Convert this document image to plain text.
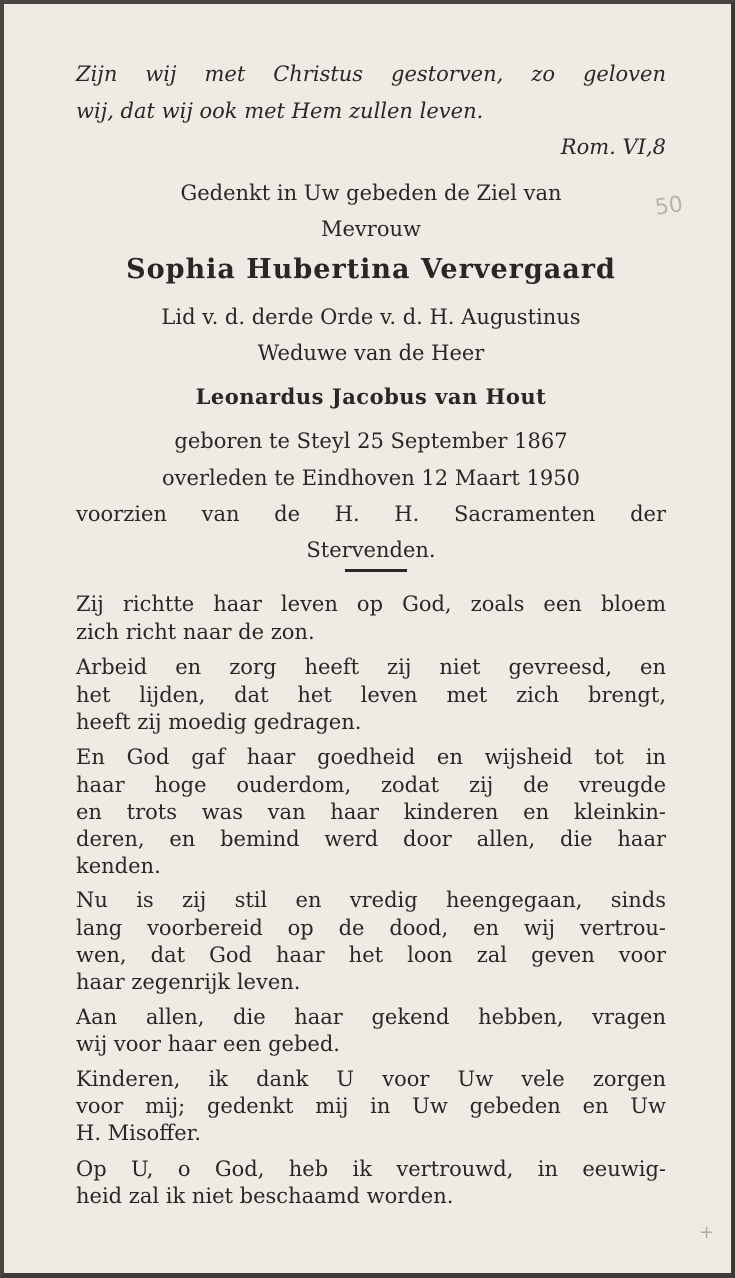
Zijn wij met Christus gestorven, zo geloven
wij, dat wij ook met Hem zullen leven.
Rom. VI,8
Gedenkt in Uw gebeden de Ziel van
Mevrouw
Sophia Hubertina Ververgaard
Lid v. d. derde Orde v. d. H. Augustinus
Weduwe van de Heer
Leonardus Jacobus van Hout
geboren te Steyl 25 September 1867
overleden te Eindhoven 12 Maart 1950
voorzien van de H. H. Sacramenten der
Stervenden.
Zij richtte haar leven op God, zoals een bloem
zich richt naar de zon.
Arbeid en zorg heeft zij niet gevreesd, en
het lijden, dat het leven met zich brengt,
heeft zij moedig gedragen.
En God gaf haar goedheid en wijsheid tot in
haar hoge ouderdom, zodat zij de vreugde
en trots was van haar kinderen en kleinkin-
deren, en bemind werd door allen, die haar
kenden.
Nu is zij stil en vredig heengegaan, sinds
lang voorbereid op de dood, en wij vertrou-
wen, dat God haar het loon zal geven voor
haar zegenrijk leven.
Aan allen, die haar gekend hebben, vragen
wij voor haar een gebed.
Kinderen, ik dank U voor Uw vele zorgen
voor mij; gedenkt mij in Uw gebeden en Uw
H. Misoffer.
Op U, o God, heb ik vertrouwd, in eeuwig-
heid zal ik niet beschaamd worden.
50
+
